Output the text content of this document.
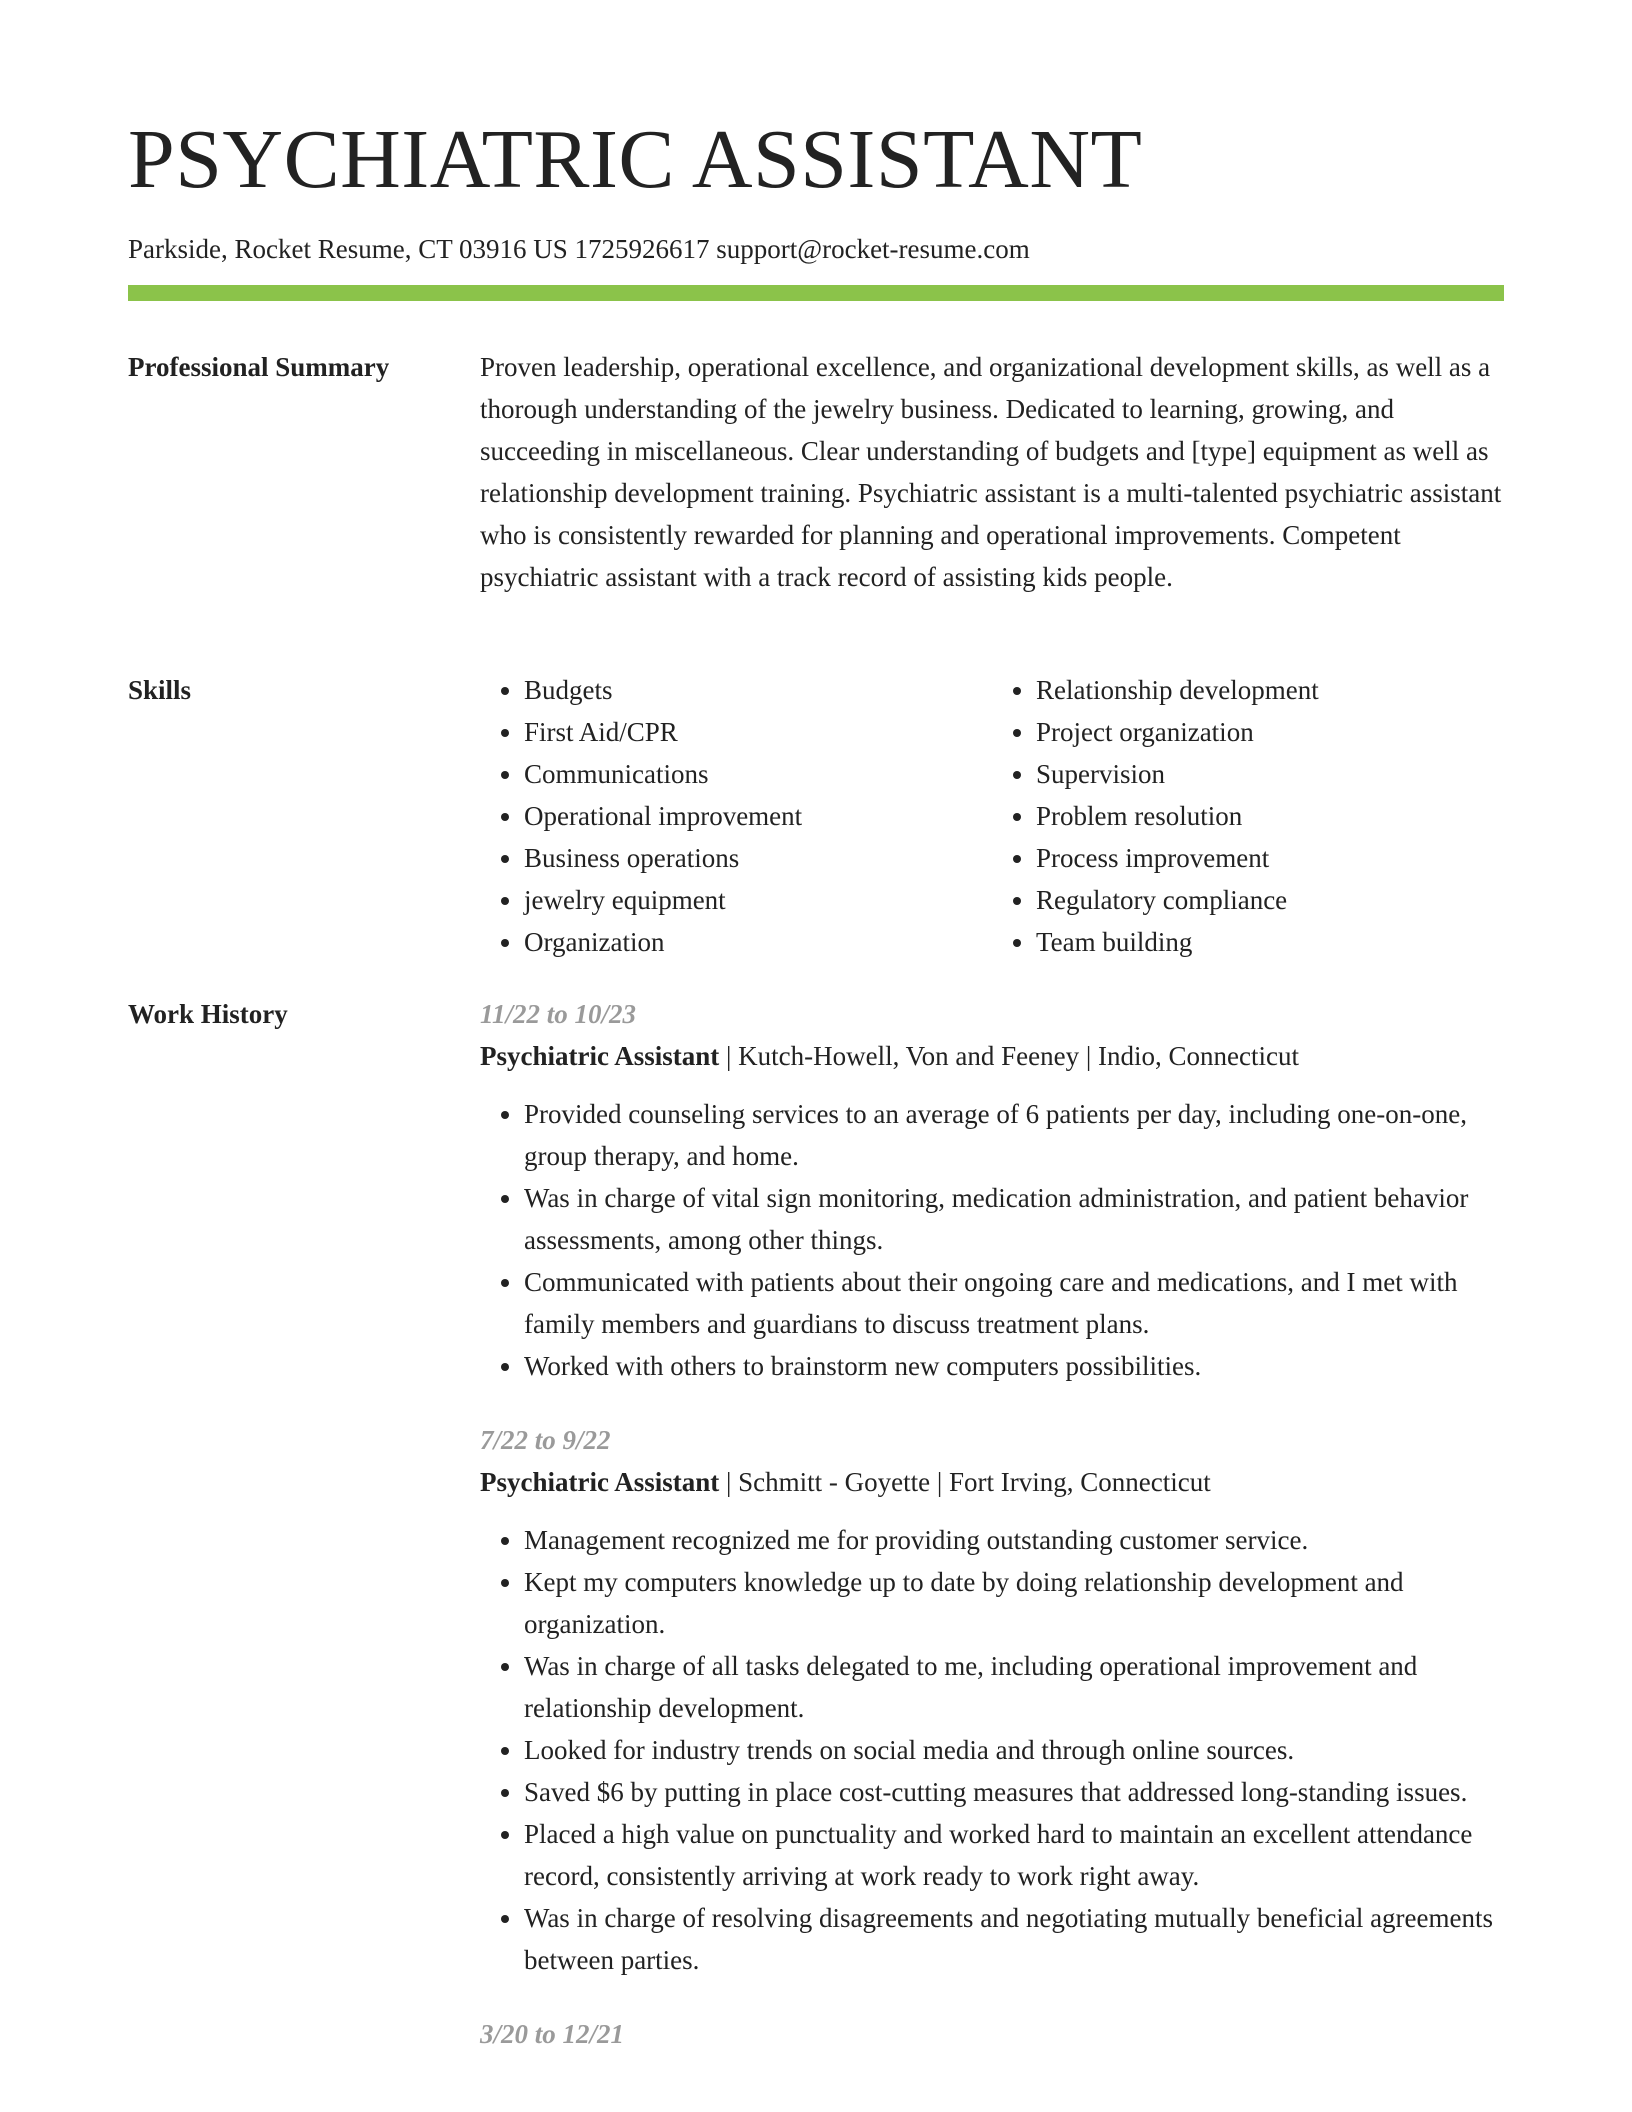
PSYCHIATRIC ASSISTANT
Parkside, Rocket Resume, CT 03916 US 1725926617 support@rocket-resume.com
Professional Summary	Proven leadership, operational excellence, and organizational development skills, as well as a thorough understanding of the jewelry business. Dedicated to learning, growing, and succeeding in miscellaneous. Clear understanding of budgets and [type] equipment as well as relationship development training. Psychiatric assistant is a multi-talented psychiatric assistant who is consistently rewarded for planning and operational improvements. Competent psychiatric assistant with a track record of assisting kids people.

Skills
•	Budgets
• First Aid/CPR
• Communications
• Operational improvement
• Business operations
• jewelry equipment
• Organization
• Relationship development
• Project organization
• Supervision
• Problem resolution
• Process improvement
• Regulatory compliance
• Team building
Work History	11/22 to 10/23

Psychiatric Assistant | Kutch-Howell, Von and Feeney | Indio, Connecticut

• Provided counseling services to an average of 6 patients per day, including one-on-one, group therapy, and home.
• Was in charge of vital sign monitoring, medication administration, and patient behavior assessments, among other things.
• Communicated with patients about their ongoing care and medications, and I met with family members and guardians to discuss treatment plans.
• Worked with others to brainstorm new computers possibilities.

7/22 to 9/22

Psychiatric Assistant | Schmitt - Goyette | Fort Irving, Connecticut

• Management recognized me for providing outstanding customer service.
• Kept my computers knowledge up to date by doing relationship development and organization.
• Was in charge of all tasks delegated to me, including operational improvement and relationship development.
• Looked for industry trends on social media and through online sources.
• Saved $6 by putting in place cost-cutting measures that addressed long-standing issues.
• Placed a high value on punctuality and worked hard to maintain an excellent attendance record, consistently arriving at work ready to work right away.
• Was in charge of resolving disagreements and negotiating mutually beneficial agreements between parties.

3/20 to 12/21
